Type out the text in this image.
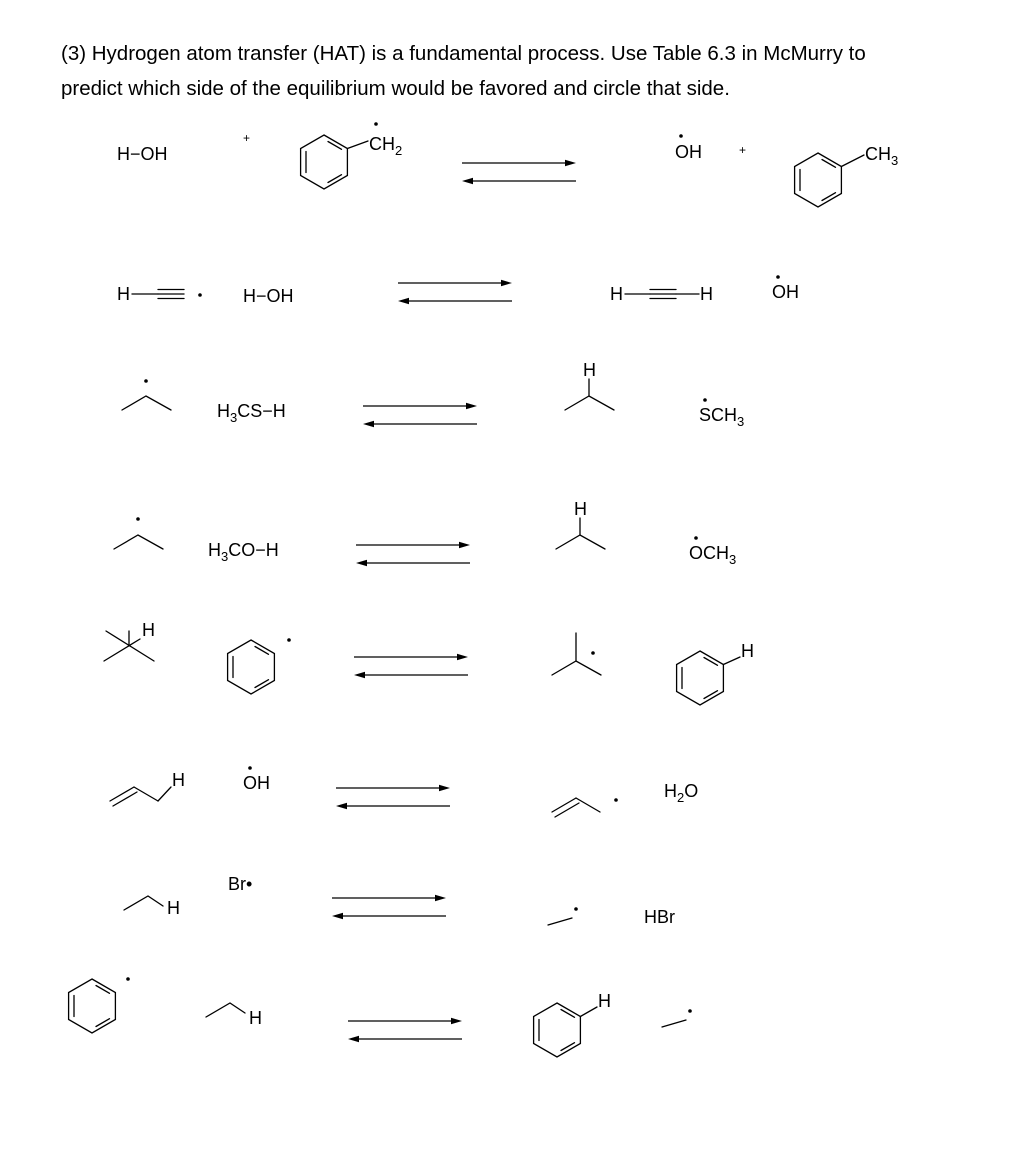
(3) Hydrogen atom transfer (HAT) is a fundamental process. Use Table 6.3 in McMurry to
predict which side of the equilibrium would be favored and circle that side.
H−OH
+	$CH_2$	OH	+	$CH_3$
H	H−OH	H	H	OH
$H_3CS-H$
H
$SCH_3$
$H_3CO-H$
H
$OCH_3$
H
H
H	OH	$H_2O$
H
Br•
HBr
H
H
